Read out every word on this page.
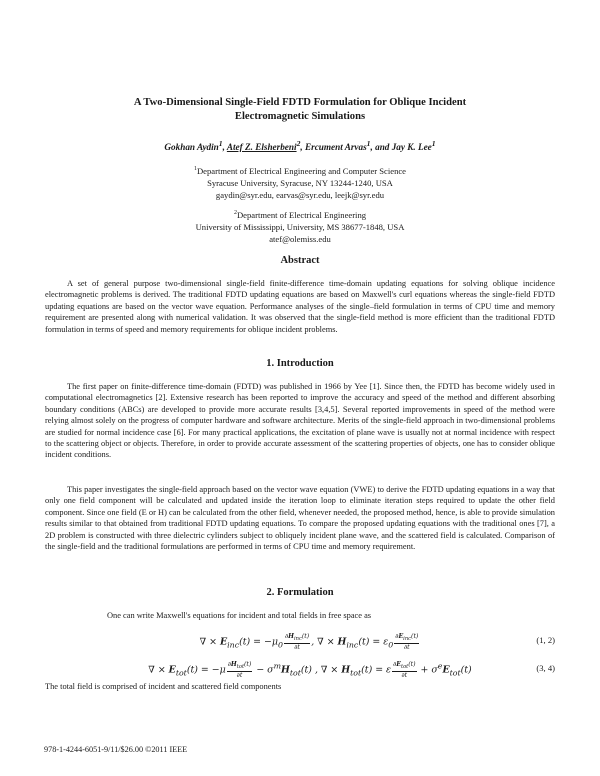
A Two-Dimensional Single-Field FDTD Formulation for Oblique Incident
Electromagnetic Simulations
Gokhan Aydin$^1$, Atef Z. Elsherbeni$^2$, Ercument Arvas$^1$, and Jay K. Lee$^1$
$^1$Department of Electrical Engineering and Computer Science
Syracuse University, Syracuse, NY 13244-1240, USA
gaydin@syr.edu, earvas@syr.edu, leejk@syr.edu
$^2$Department of Electrical Engineering
University of Mississippi, University, MS 38677-1848, USA
atef@olemiss.edu
Abstract

A set of general purpose two-dimensional single-field finite-difference time-domain updating equations for solving oblique incidence electromagnetic problems is derived. The traditional FDTD updating equations are based on Maxwell's curl equations whereas the single-field FDTD updating equations are based on the vector wave equation. Performance analyses of the single–field formulation in terms of CPU time and memory requirement are presented along with numerical validation. It was observed that the single-field method is more efficient than the traditional FDTD formulation in terms of speed and memory requirements for oblique incident problems.

1. Introduction

The first paper on finite-difference time-domain (FDTD) was published in 1966 by Yee [1]. Since then, the FDTD has become widely used in computational electromagnetics [2]. Extensive research has been reported to improve the accuracy and speed of the method and different absorbing boundary conditions (ABCs) are developed to provide more accurate results [3,4,5]. Several reported improvements in speed of the method were relying almost solely on the progress of computer hardware and software architecture. Merits of the single-field approach in two-dimensional problems are studied for normal incidence case [6]. For many practical applications, the excitation of plane wave is usually not at normal incidence with respect to the scattering object or objects. Therefore, in order to provide accurate assessment of the scattering properties of objects, one has to consider oblique incident conditions.

This paper investigates the single-field approach based on the vector wave equation (VWE) to derive the FDTD updating equations in a way that only one field component will be calculated and updated inside the iteration loop to eliminate iteration steps required to update the other field component. Since one field (E or H) can be calculated from the other field, whenever needed, the proposed method, hence, is able to provide simulation results similar to that obtained from traditional FDTD updating equations. To compare the proposed updating equations with the traditional ones [7], a 2D problem is constructed with three dielectric cylinders subject to obliquely incident plane wave, and the scattered field is calculated. Comparison of the single-field and the traditional formulations are performed in terms of CPU time and memory requirement.

2. Formulation
One can write Maxwell's equations for incident and total fields in free space as
∇ × $E_{inc}(t) = -\mu_0 \frac{\partial H_{inc}(t)}{\partial t}$ , ∇ × $H_{inc}(t) = \varepsilon_0 \frac{\partial E_{inc}(t)}{\partial t}$	(1, 2)
∇ × $E_{tot}(t) = -\mu \frac{\partial H_{tot}(t)}{\partial t} - \sigma^mH_{tot}(t)$ , ∇ × $H_{tot}(t) = \varepsilon \frac{\partial E_{tot}(t)}{\partial t} + \sigma^eE_{tot}(t)$	(3, 4)
The total field is comprised of incident and scattered field components
978-1-4244-6051-9/11/$26.00 ©2011 IEEE
